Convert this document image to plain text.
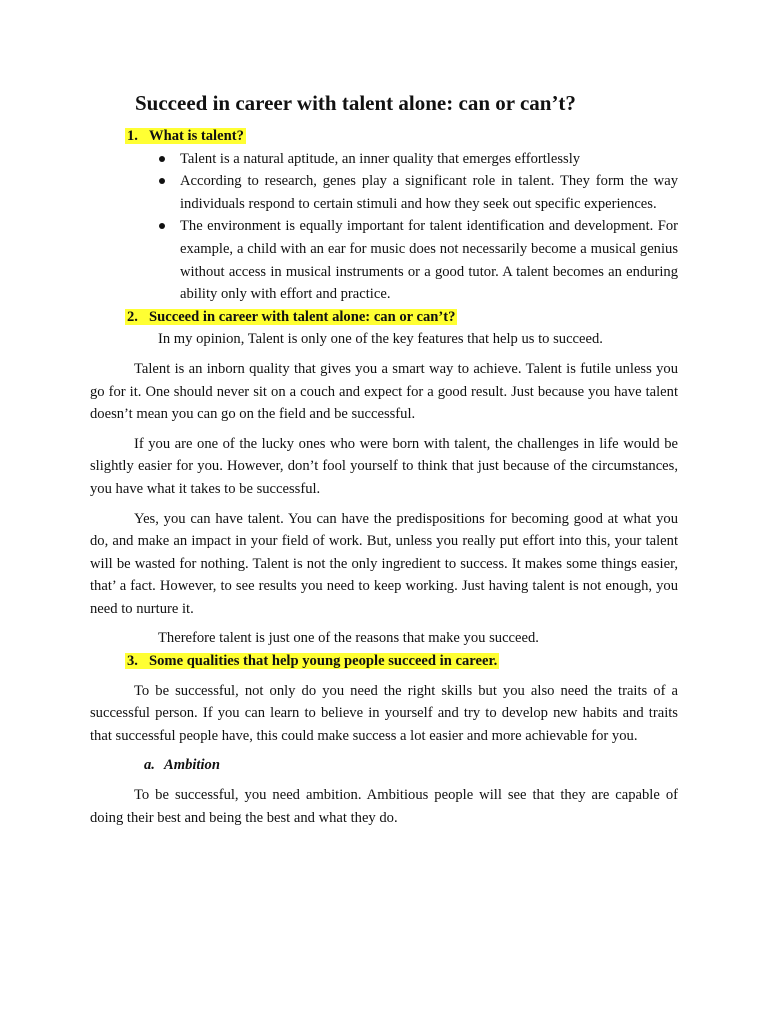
Succeed in career with talent alone: can or can’t?
1. What is talent?
Talent is a natural aptitude, an inner quality that emerges effortlessly
According to research, genes play a significant role in talent. They form the way individuals respond to certain stimuli and how they seek out specific experiences.
The environment is equally important for talent identification and development. For example, a child with an ear for music does not necessarily become a musical genius without access in musical instruments or a good tutor. A talent becomes an enduring ability only with effort and practice.
2. Succeed in career with talent alone: can or can’t?

In my opinion, Talent is only one of the key features that help us to succeed.

Talent is an inborn quality that gives you a smart way to achieve. Talent is futile unless you go for it. One should never sit on a couch and expect for a good result. Just because you have talent doesn’t mean you can go on the field and be successful.

If you are one of the lucky ones who were born with talent, the challenges in life would be slightly easier for you. However, don’t fool yourself to think that just because of the circumstances, you have what it takes to be successful.

Yes, you can have talent. You can have the predispositions for becoming good at what you do, and make an impact in your field of work. But, unless you really put effort into this, your talent will be wasted for nothing. Talent is not the only ingredient to success. It makes some things easier, that’ a fact. However, to see results you need to keep working. Just having talent is not enough, you need to nurture it.

Therefore talent is just one of the reasons that make you succeed.

3. Some qualities that help young people succeed in career.

To be successful, not only do you need the right skills but you also need the traits of a successful person. If you can learn to believe in yourself and try to develop new habits and traits that successful people have, this could make success a lot easier and more achievable for you.

a. Ambition

To be successful, you need ambition. Ambitious people will see that they are capable of doing their best and being the best and what they do.
